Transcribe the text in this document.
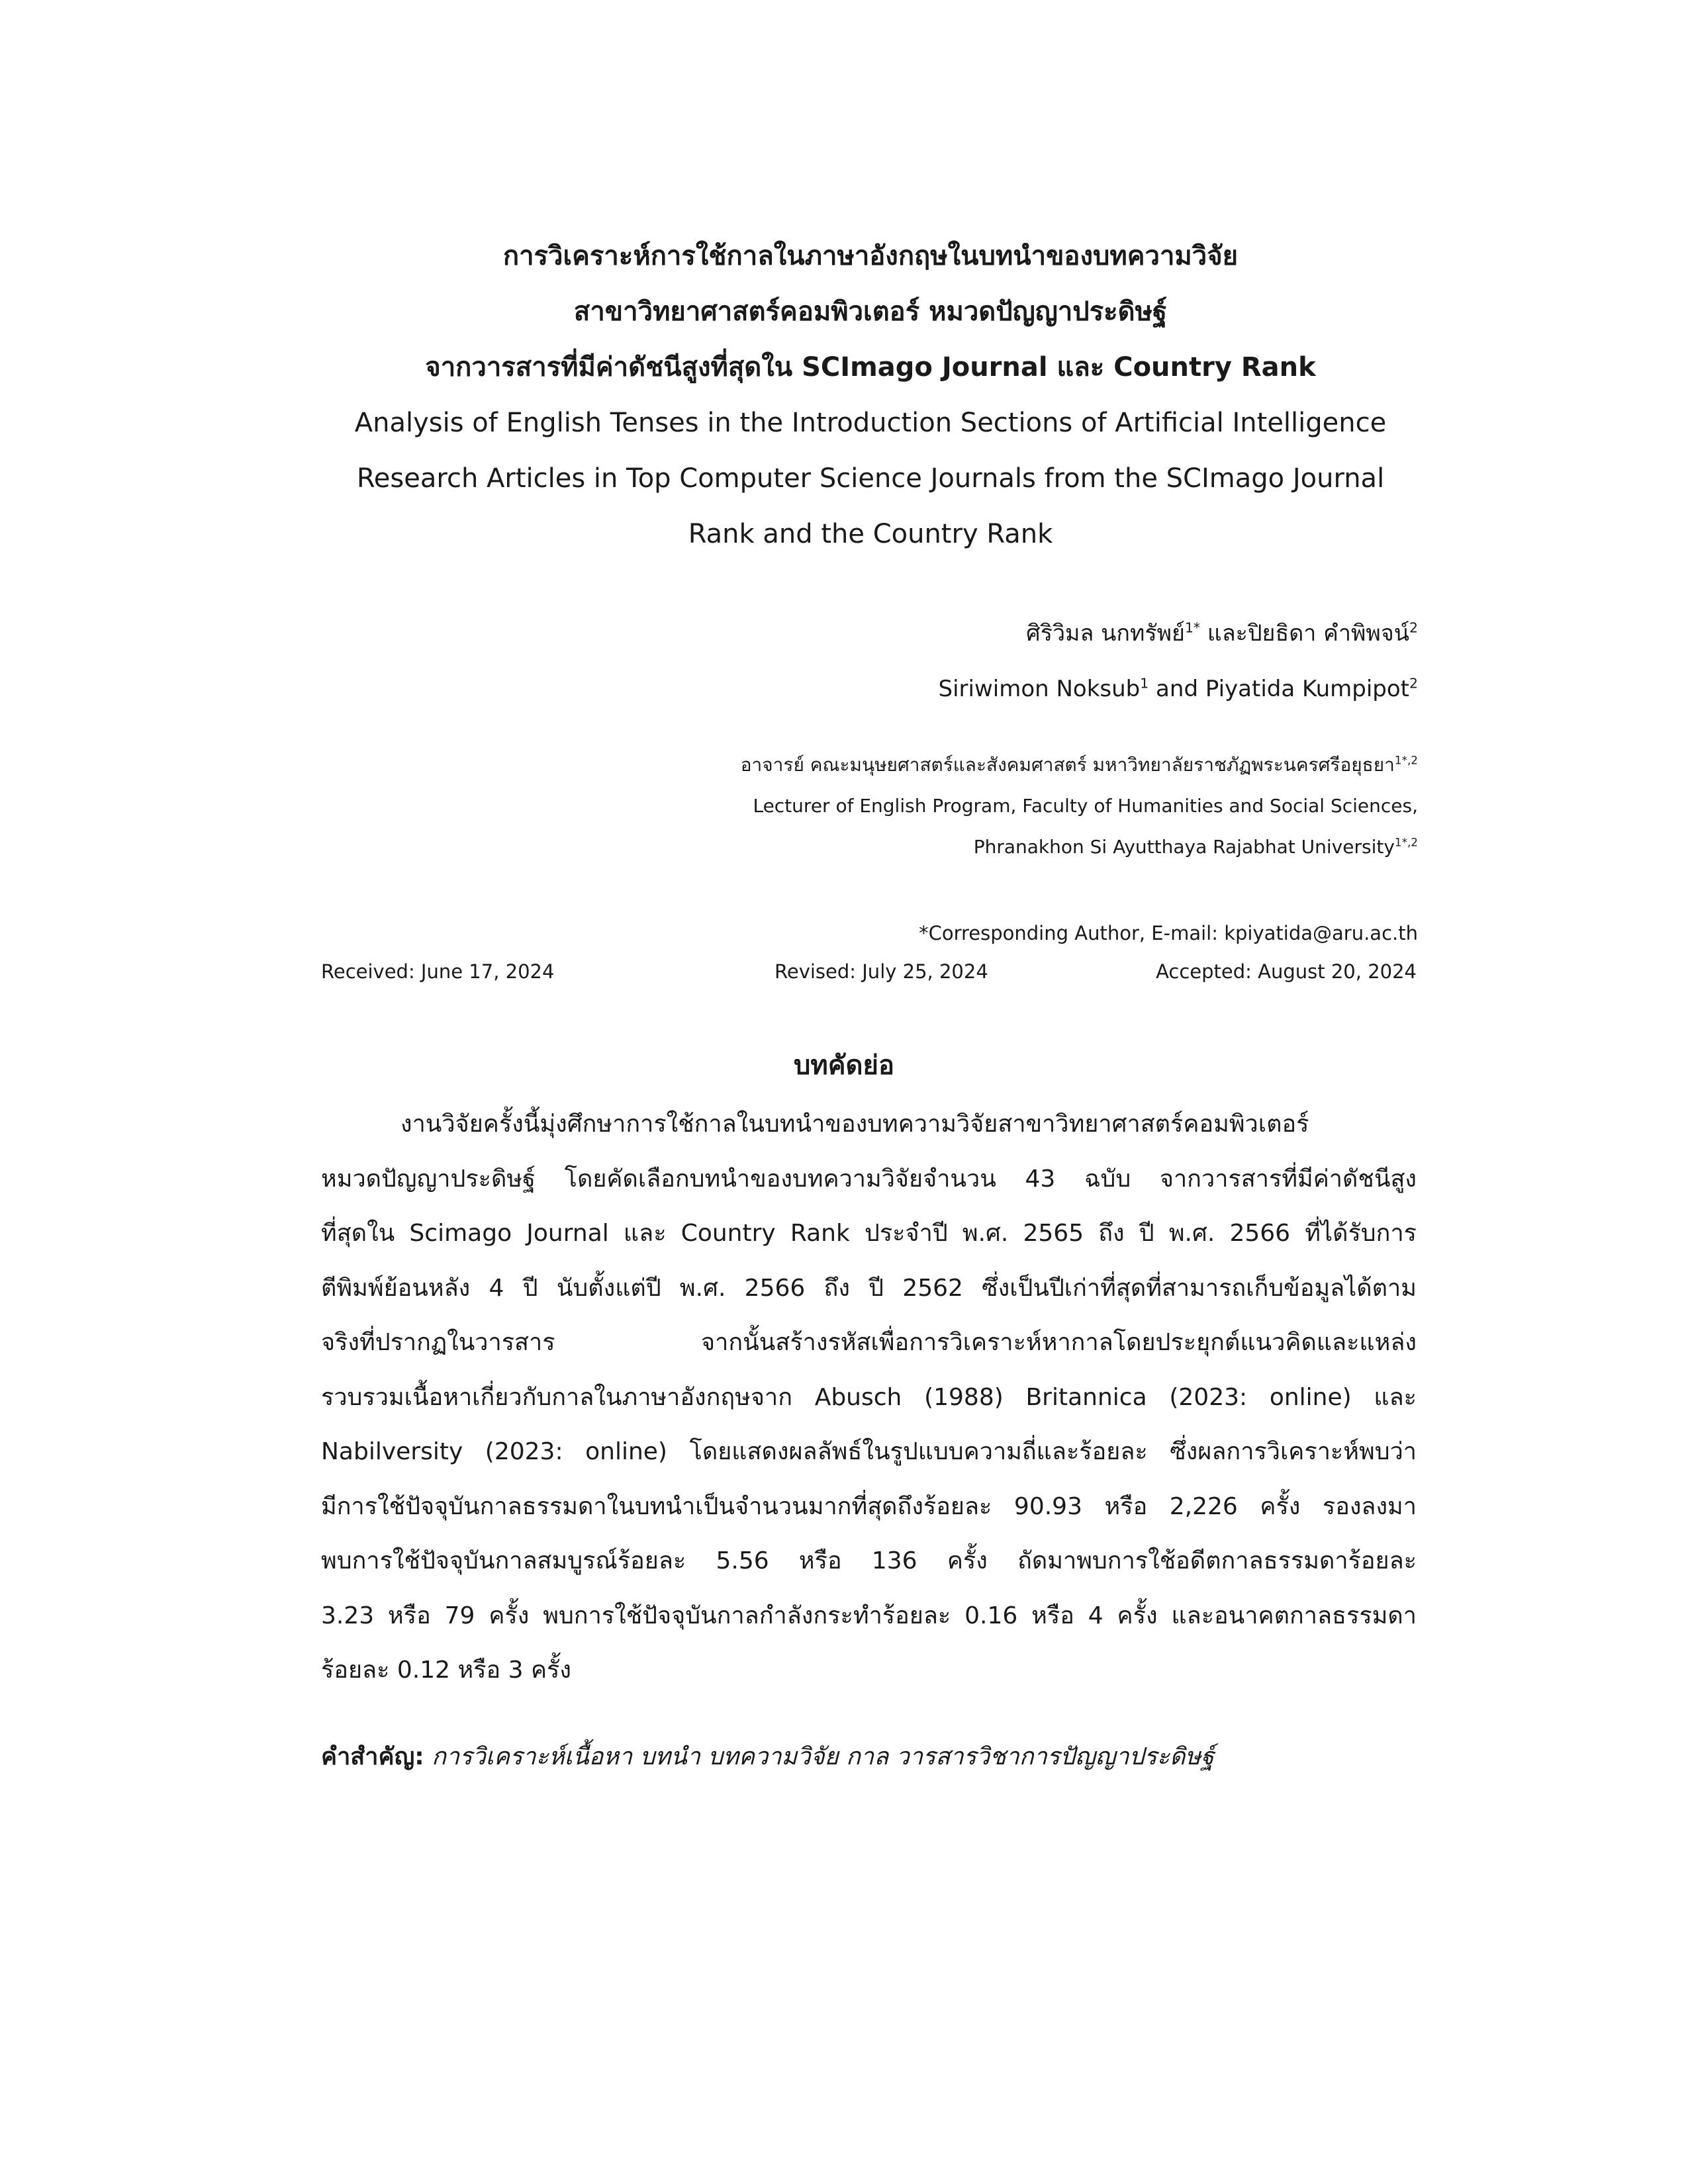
การวิเคราะห์การใช้กาลในภาษาอังกฤษในบทนำของบทความวิจัย
สาขาวิทยาศาสตร์คอมพิวเตอร์ หมวดปัญญาประดิษฐ์
จากวารสารที่มีค่าดัชนีสูงที่สุดใน SCImago Journal และ Country Rank
Analysis of English Tenses in the Introduction Sections of Artificial Intelligence
Research Articles in Top Computer Science Journals from the SCImago Journal
Rank and the Country Rank
ศิริวิมล นกทรัพย์$^{1*}$ และปิยธิดา คำพิพจน์$^2$
Siriwimon Noksub$^1$ and Piyatida Kumpipot$^2$
อาจารย์ คณะมนุษยศาสตร์และสังคมศาสตร์ มหาวิทยาลัยราชภัฏพระนครศรีอยุธยา$^{1*,2}$
Lecturer of English Program, Faculty of Humanities and Social Sciences,
Phranakhon Si Ayutthaya Rajabhat University$^{1*,2}$
*Corresponding Author, E-mail: kpiyatida@aru.ac.th
Received: June 17, 2024	Revised: July 25, 2024	Accepted: August 20, 2024
บทคัดย่อ
งานวิจัยครั้งนี้มุ่งศึกษาการใช้กาลในบทนำของบทความวิจัยสาขาวิทยาศาสตร์คอมพิวเตอร์
หมวดปัญญาประดิษฐ์ โดยคัดเลือกบทนำของบทความวิจัยจำนวน 43 ฉบับ จากวารสารที่มีค่าดัชนีสูง
ที่สุดใน Scimago Journal และ Country Rank ประจำปี พ.ศ. 2565 ถึง ปี พ.ศ. 2566 ที่ได้รับการ
ตีพิมพ์ย้อนหลัง 4 ปี นับตั้งแต่ปี พ.ศ. 2566 ถึง ปี 2562 ซึ่งเป็นปีเก่าที่สุดที่สามารถเก็บข้อมูลได้ตาม
จริงที่ปรากฏในวารสาร จากนั้นสร้างรหัสเพื่อการวิเคราะห์หากาลโดยประยุกต์แนวคิดและแหล่ง
รวบรวมเนื้อหาเกี่ยวกับกาลในภาษาอังกฤษจาก Abusch (1988) Britannica (2023: online) และ
Nabilversity (2023: online) โดยแสดงผลลัพธ์ในรูปแบบความถี่และร้อยละ ซึ่งผลการวิเคราะห์พบว่า
มีการใช้ปัจจุบันกาลธรรมดาในบทนำเป็นจำนวนมากที่สุดถึงร้อยละ 90.93 หรือ 2,226 ครั้ง รองลงมา
พบการใช้ปัจจุบันกาลสมบูรณ์ร้อยละ 5.56 หรือ 136 ครั้ง ถัดมาพบการใช้อดีตกาลธรรมดาร้อยละ
3.23 หรือ 79 ครั้ง พบการใช้ปัจจุบันกาลกำลังกระทำร้อยละ 0.16 หรือ 4 ครั้ง และอนาคตกาลธรรมดา
ร้อยละ 0.12 หรือ 3 ครั้ง
คำสำคัญ: การวิเคราะห์เนื้อหา บทนำ บทความวิจัย กาล วารสารวิชาการปัญญาประดิษฐ์
